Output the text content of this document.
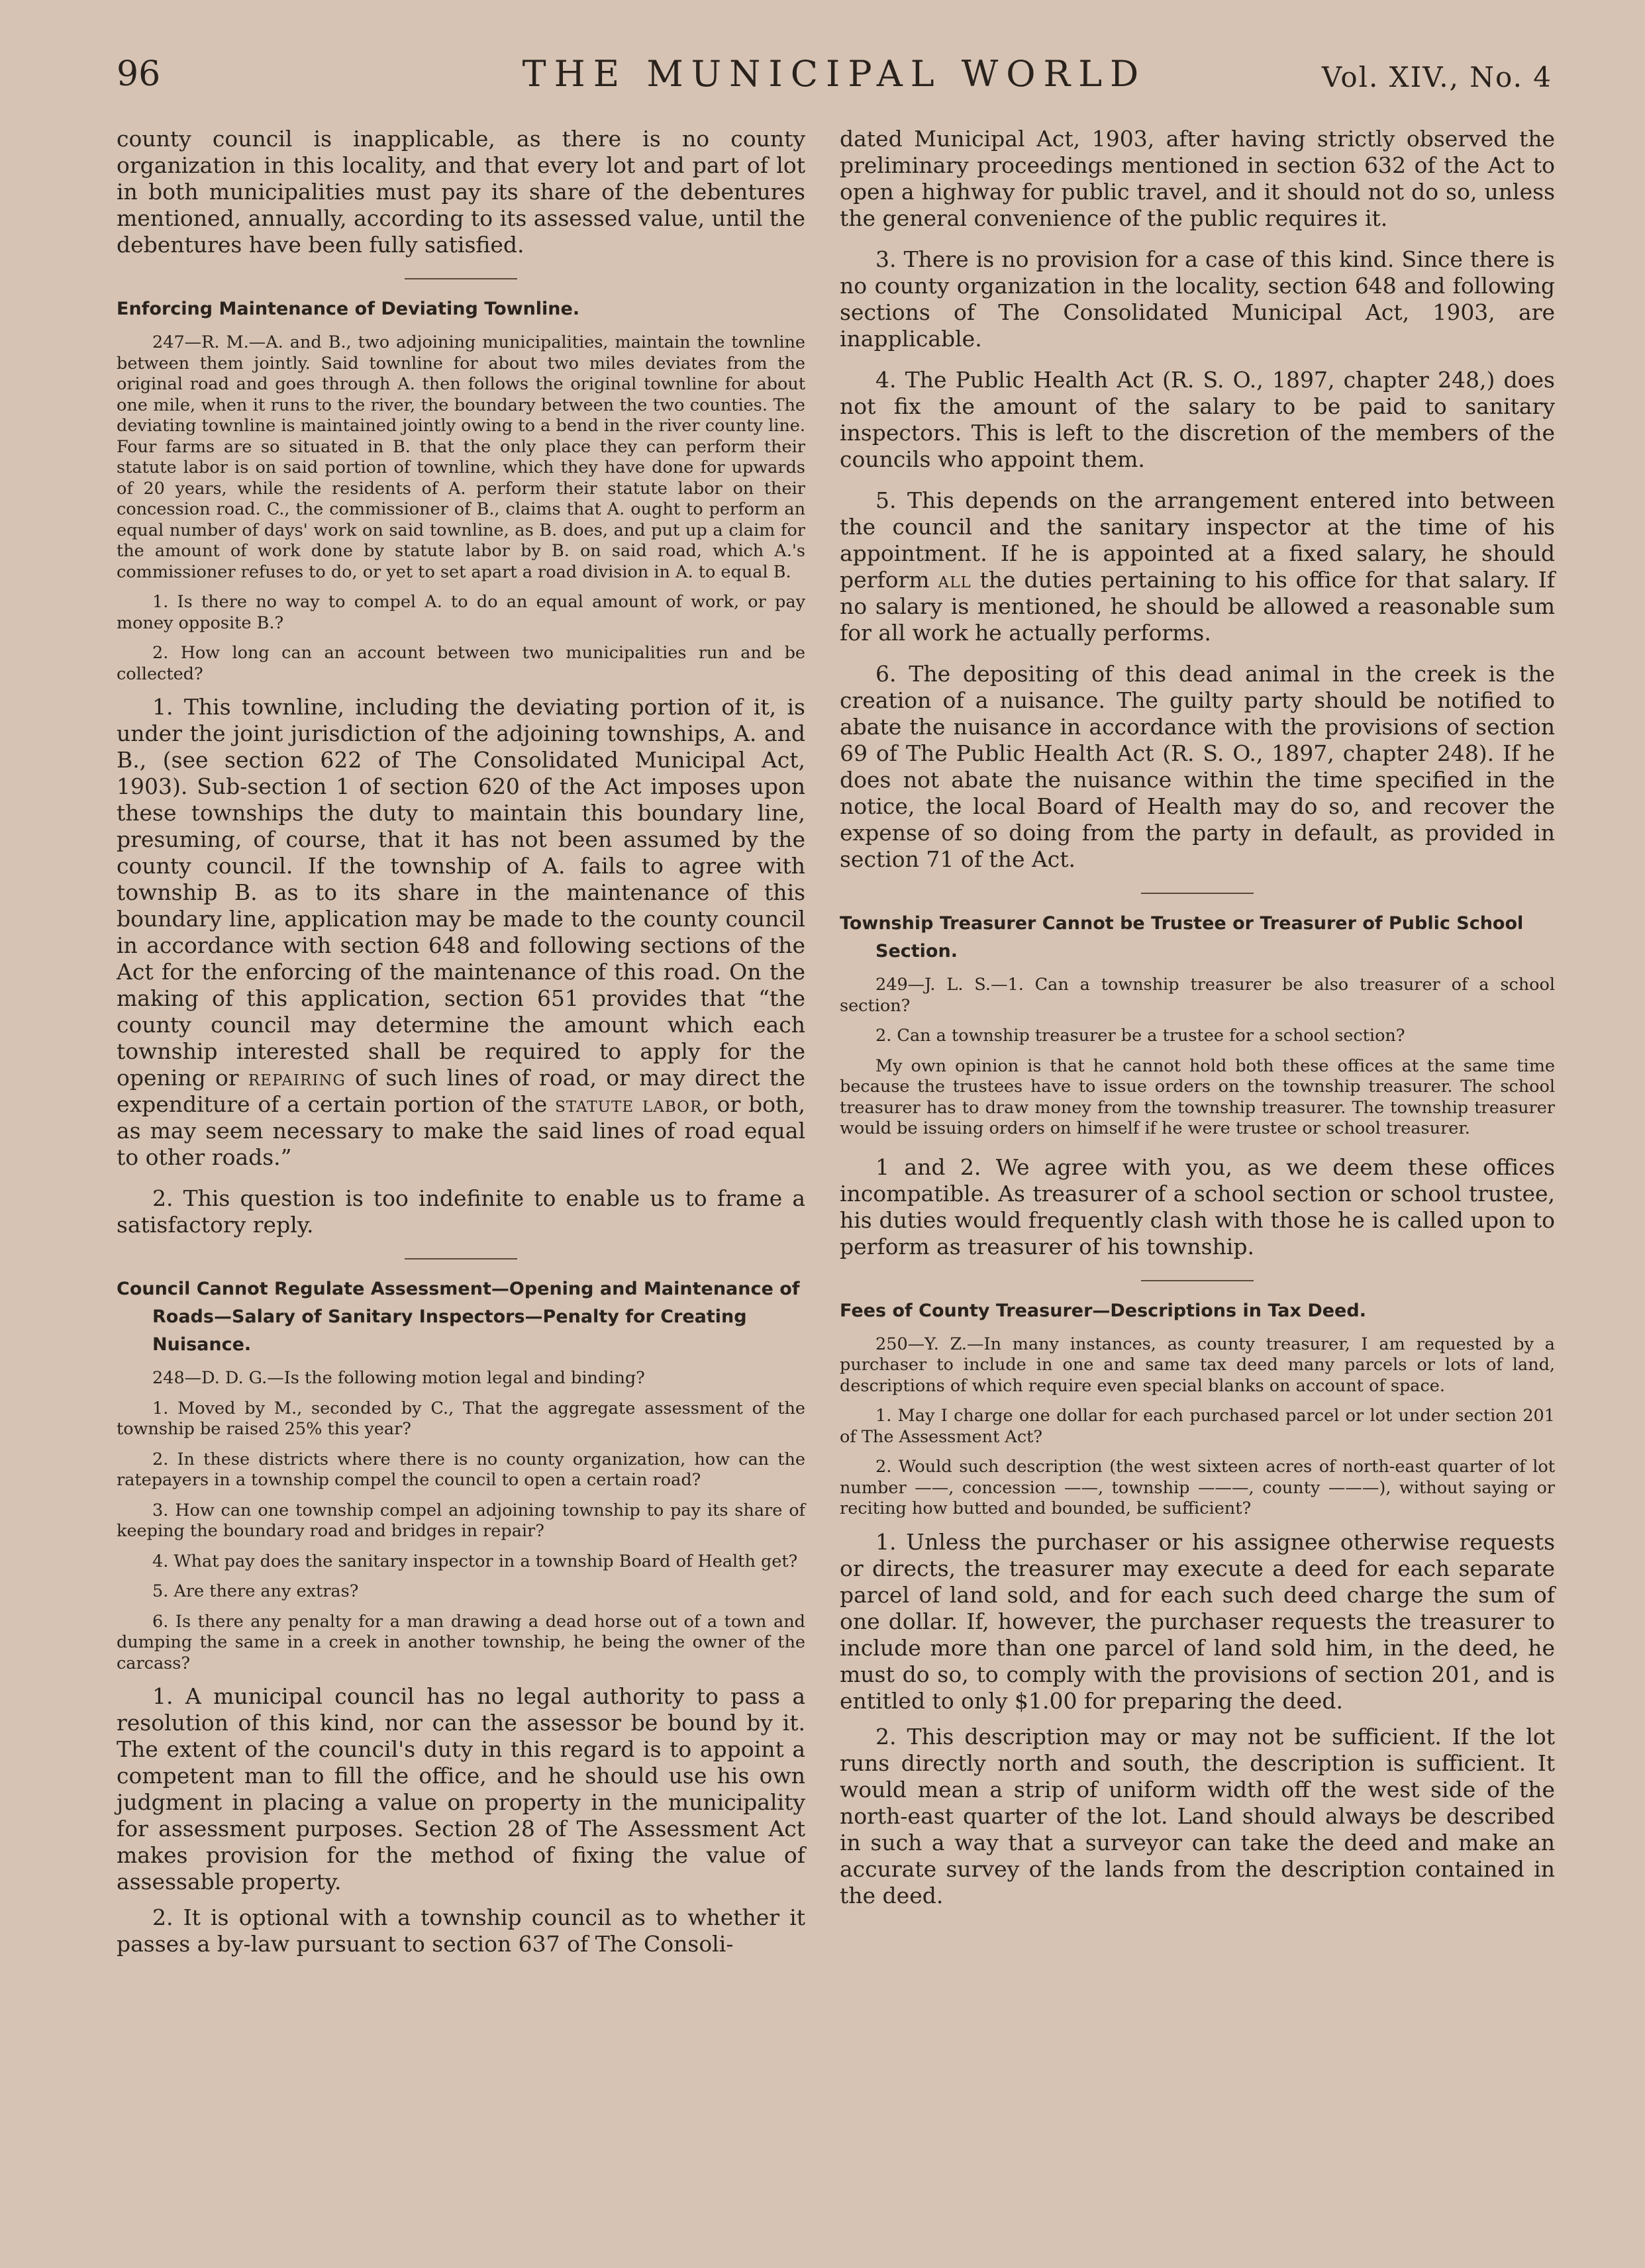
96	THE MUNICIPAL WORLD	Vol. XIV., No. 4

county council is inapplicable, as there is no county organization in this locality, and that every lot and part of lot in both municipalities must pay its share of the debentures mentioned, annually, according to its assessed value, until the debentures have been fully satisfied.

Enforcing Maintenance of Deviating Townline.

247—R. M.—A. and B., two adjoining municipalities, maintain the townline between them jointly. Said townline for about two miles deviates from the original road and goes through A. then follows the original townline for about one mile, when it runs to the river, the boundary between the two counties. The deviating townline is maintained jointly owing to a bend in the river county line. Four farms are so situated in B. that the only place they can perform their statute labor is on said portion of townline, which they have done for upwards of 20 years, while the residents of A. perform their statute labor on their concession road. C., the commissioner of B., claims that A. ought to perform an equal number of days' work on said townline, as B. does, and put up a claim for the amount of work done by statute labor by B. on said road, which A.'s commissioner refuses to do, or yet to set apart a road division in A. to equal B.

1. Is there no way to compel A. to do an equal amount of work, or pay money opposite B.?

2. How long can an account between two municipalities run and be collected?

1. This townline, including the deviating portion of it, is under the joint jurisdiction of the adjoining townships, A. and B., (see section 622 of The Consolidated Municipal Act, 1903). Sub-section 1 of section 620 of the Act imposes upon these townships the duty to maintain this boundary line, presuming, of course, that it has not been assumed by the county council. If the township of A. fails to agree with township B. as to its share in the maintenance of this boundary line, application may be made to the county council in accordance with section 648 and following sections of the Act for the enforcing of the maintenance of this road. On the making of this application, section 651 provides that “the county council may determine the amount which each township interested shall be required to apply for the opening or repairing of such lines of road, or may direct the expenditure of a certain portion of the statute labor, or both, as may seem necessary to make the said lines of road equal to other roads.”

2. This question is too indefinite to enable us to frame a satisfactory reply.

Council Cannot Regulate Assessment—Opening and Maintenance of Roads—Salary of Sanitary Inspectors—Penalty for Creating Nuisance.

248—D. D. G.—Is the following motion legal and binding?

1. Moved by M., seconded by C., That the aggregate assessment of the township be raised 25% this year?

2. In these districts where there is no county organization, how can the ratepayers in a township compel the council to open a certain road?

3. How can one township compel an adjoining township to pay its share of keeping the boundary road and bridges in repair?

4. What pay does the sanitary inspector in a township Board of Health get?

5. Are there any extras?

6. Is there any penalty for a man drawing a dead horse out of a town and dumping the same in a creek in another township, he being the owner of the carcass?

1. A municipal council has no legal authority to pass a resolution of this kind, nor can the assessor be bound by it. The extent of the council's duty in this regard is to appoint a competent man to fill the office, and he should use his own judgment in placing a value on property in the municipality for assessment purposes. Section 28 of The Assessment Act makes provision for the method of fixing the value of assessable property.

2. It is optional with a township council as to whether it passes a by-law pursuant to section 637 of The Consoli-

dated Municipal Act, 1903, after having strictly observed the preliminary proceedings mentioned in section 632 of the Act to open a highway for public travel, and it should not do so, unless the general convenience of the public requires it.

3. There is no provision for a case of this kind. Since there is no county organization in the locality, section 648 and following sections of The Consolidated Municipal Act, 1903, are inapplicable.

4. The Public Health Act (R. S. O., 1897, chapter 248,) does not fix the amount of the salary to be paid to sanitary inspectors. This is left to the discretion of the members of the councils who appoint them.

5. This depends on the arrangement entered into between the council and the sanitary inspector at the time of his appointment. If he is appointed at a fixed salary, he should perform all the duties pertaining to his office for that salary. If no salary is mentioned, he should be allowed a reasonable sum for all work he actually performs.

6. The depositing of this dead animal in the creek is the creation of a nuisance. The guilty party should be notified to abate the nuisance in accordance with the provisions of section 69 of The Public Health Act (R. S. O., 1897, chapter 248). If he does not abate the nuisance within the time specified in the notice, the local Board of Health may do so, and recover the expense of so doing from the party in default, as provided in section 71 of the Act.

Township Treasurer Cannot be Trustee or Treasurer of Public School Section.

249—J. L. S.—1. Can a township treasurer be also treasurer of a school section?

2. Can a township treasurer be a trustee for a school section?

My own opinion is that he cannot hold both these offices at the same time because the trustees have to issue orders on the township treasurer. The school treasurer has to draw money from the township treasurer. The township treasurer would be issuing orders on himself if he were trustee or school treasurer.

1 and 2. We agree with you, as we deem these offices incompatible. As treasurer of a school section or school trustee, his duties would frequently clash with those he is called upon to perform as treasurer of his township.

Fees of County Treasurer—Descriptions in Tax Deed.

250—Y. Z.—In many instances, as county treasurer, I am requested by a purchaser to include in one and same tax deed many parcels or lots of land, descriptions of which require even special blanks on account of space.

1. May I charge one dollar for each purchased parcel or lot under section 201 of The Assessment Act?

2. Would such description (the west sixteen acres of north-east quarter of lot number ——, concession ——, township ———, county ———), without saying or reciting how butted and bounded, be sufficient?

1. Unless the purchaser or his assignee otherwise requests or directs, the treasurer may execute a deed for each separate parcel of land sold, and for each such deed charge the sum of one dollar. If, however, the purchaser requests the treasurer to include more than one parcel of land sold him, in the deed, he must do so, to comply with the provisions of section 201, and is entitled to only $1.00 for preparing the deed.

2. This description may or may not be sufficient. If the lot runs directly north and south, the description is sufficient. It would mean a strip of uniform width off the west side of the north-east quarter of the lot. Land should always be described in such a way that a surveyor can take the deed and make an accurate survey of the lands from the description contained in the deed.
